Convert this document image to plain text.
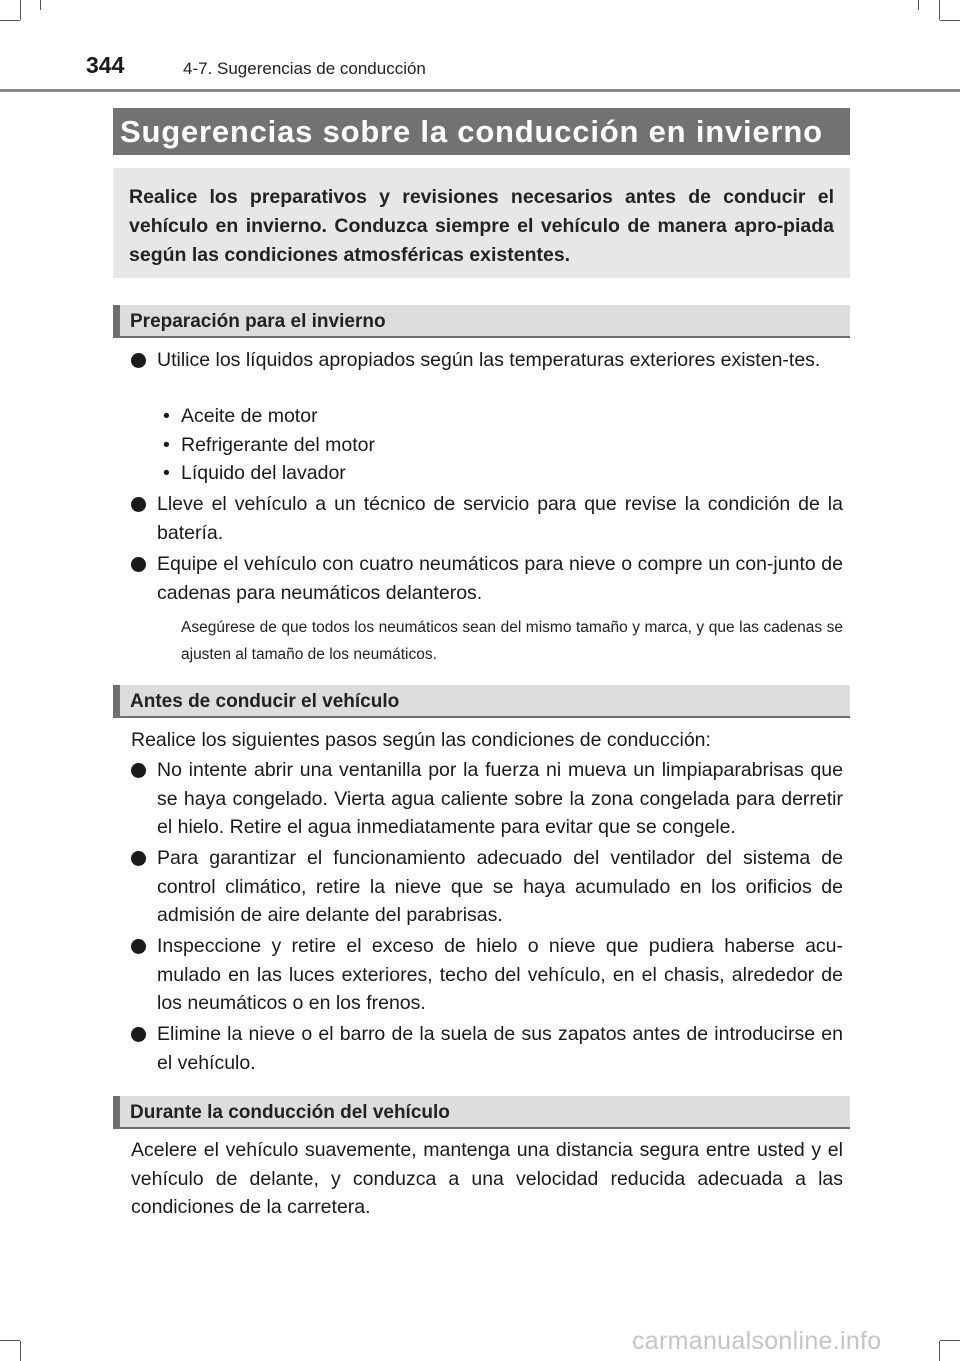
344	4-7. Sugerencias de conducción
Sugerencias sobre la conducción en invierno
Realice los preparativos y revisiones necesarios antes de conducir el vehículo en invierno. Conduzca siempre el vehículo de manera apro-piada según las condiciones atmosféricas existentes.
Preparación para el invierno
Utilice los líquidos apropiados según las temperaturas exteriores existen-tes.
• Aceite de motor
• Refrigerante del motor
• Líquido del lavador
Lleve el vehículo a un técnico de servicio para que revise la condición de la batería.
Equipe el vehículo con cuatro neumáticos para nieve o compre un con-junto de cadenas para neumáticos delanteros.
Asegúrese de que todos los neumáticos sean del mismo tamaño y marca, y que las cadenas se ajusten al tamaño de los neumáticos.
Antes de conducir el vehículo
Realice los siguientes pasos según las condiciones de conducción:
No intente abrir una ventanilla por la fuerza ni mueva un limpiaparabrisas que se haya congelado. Vierta agua caliente sobre la zona congelada para derretir el hielo. Retire el agua inmediatamente para evitar que se congele.
Para garantizar el funcionamiento adecuado del ventilador del sistema de control climático, retire la nieve que se haya acumulado en los orificios de admisión de aire delante del parabrisas.
Inspeccione y retire el exceso de hielo o nieve que pudiera haberse acu-mulado en las luces exteriores, techo del vehículo, en el chasis, alrededor de los neumáticos o en los frenos.
Elimine la nieve o el barro de la suela de sus zapatos antes de introducirse en el vehículo.
Durante la conducción del vehículo
Acelere el vehículo suavemente, mantenga una distancia segura entre usted y el vehículo de delante, y conduzca a una velocidad reducida adecuada a las condiciones de la carretera.
carmanualsonline.info
